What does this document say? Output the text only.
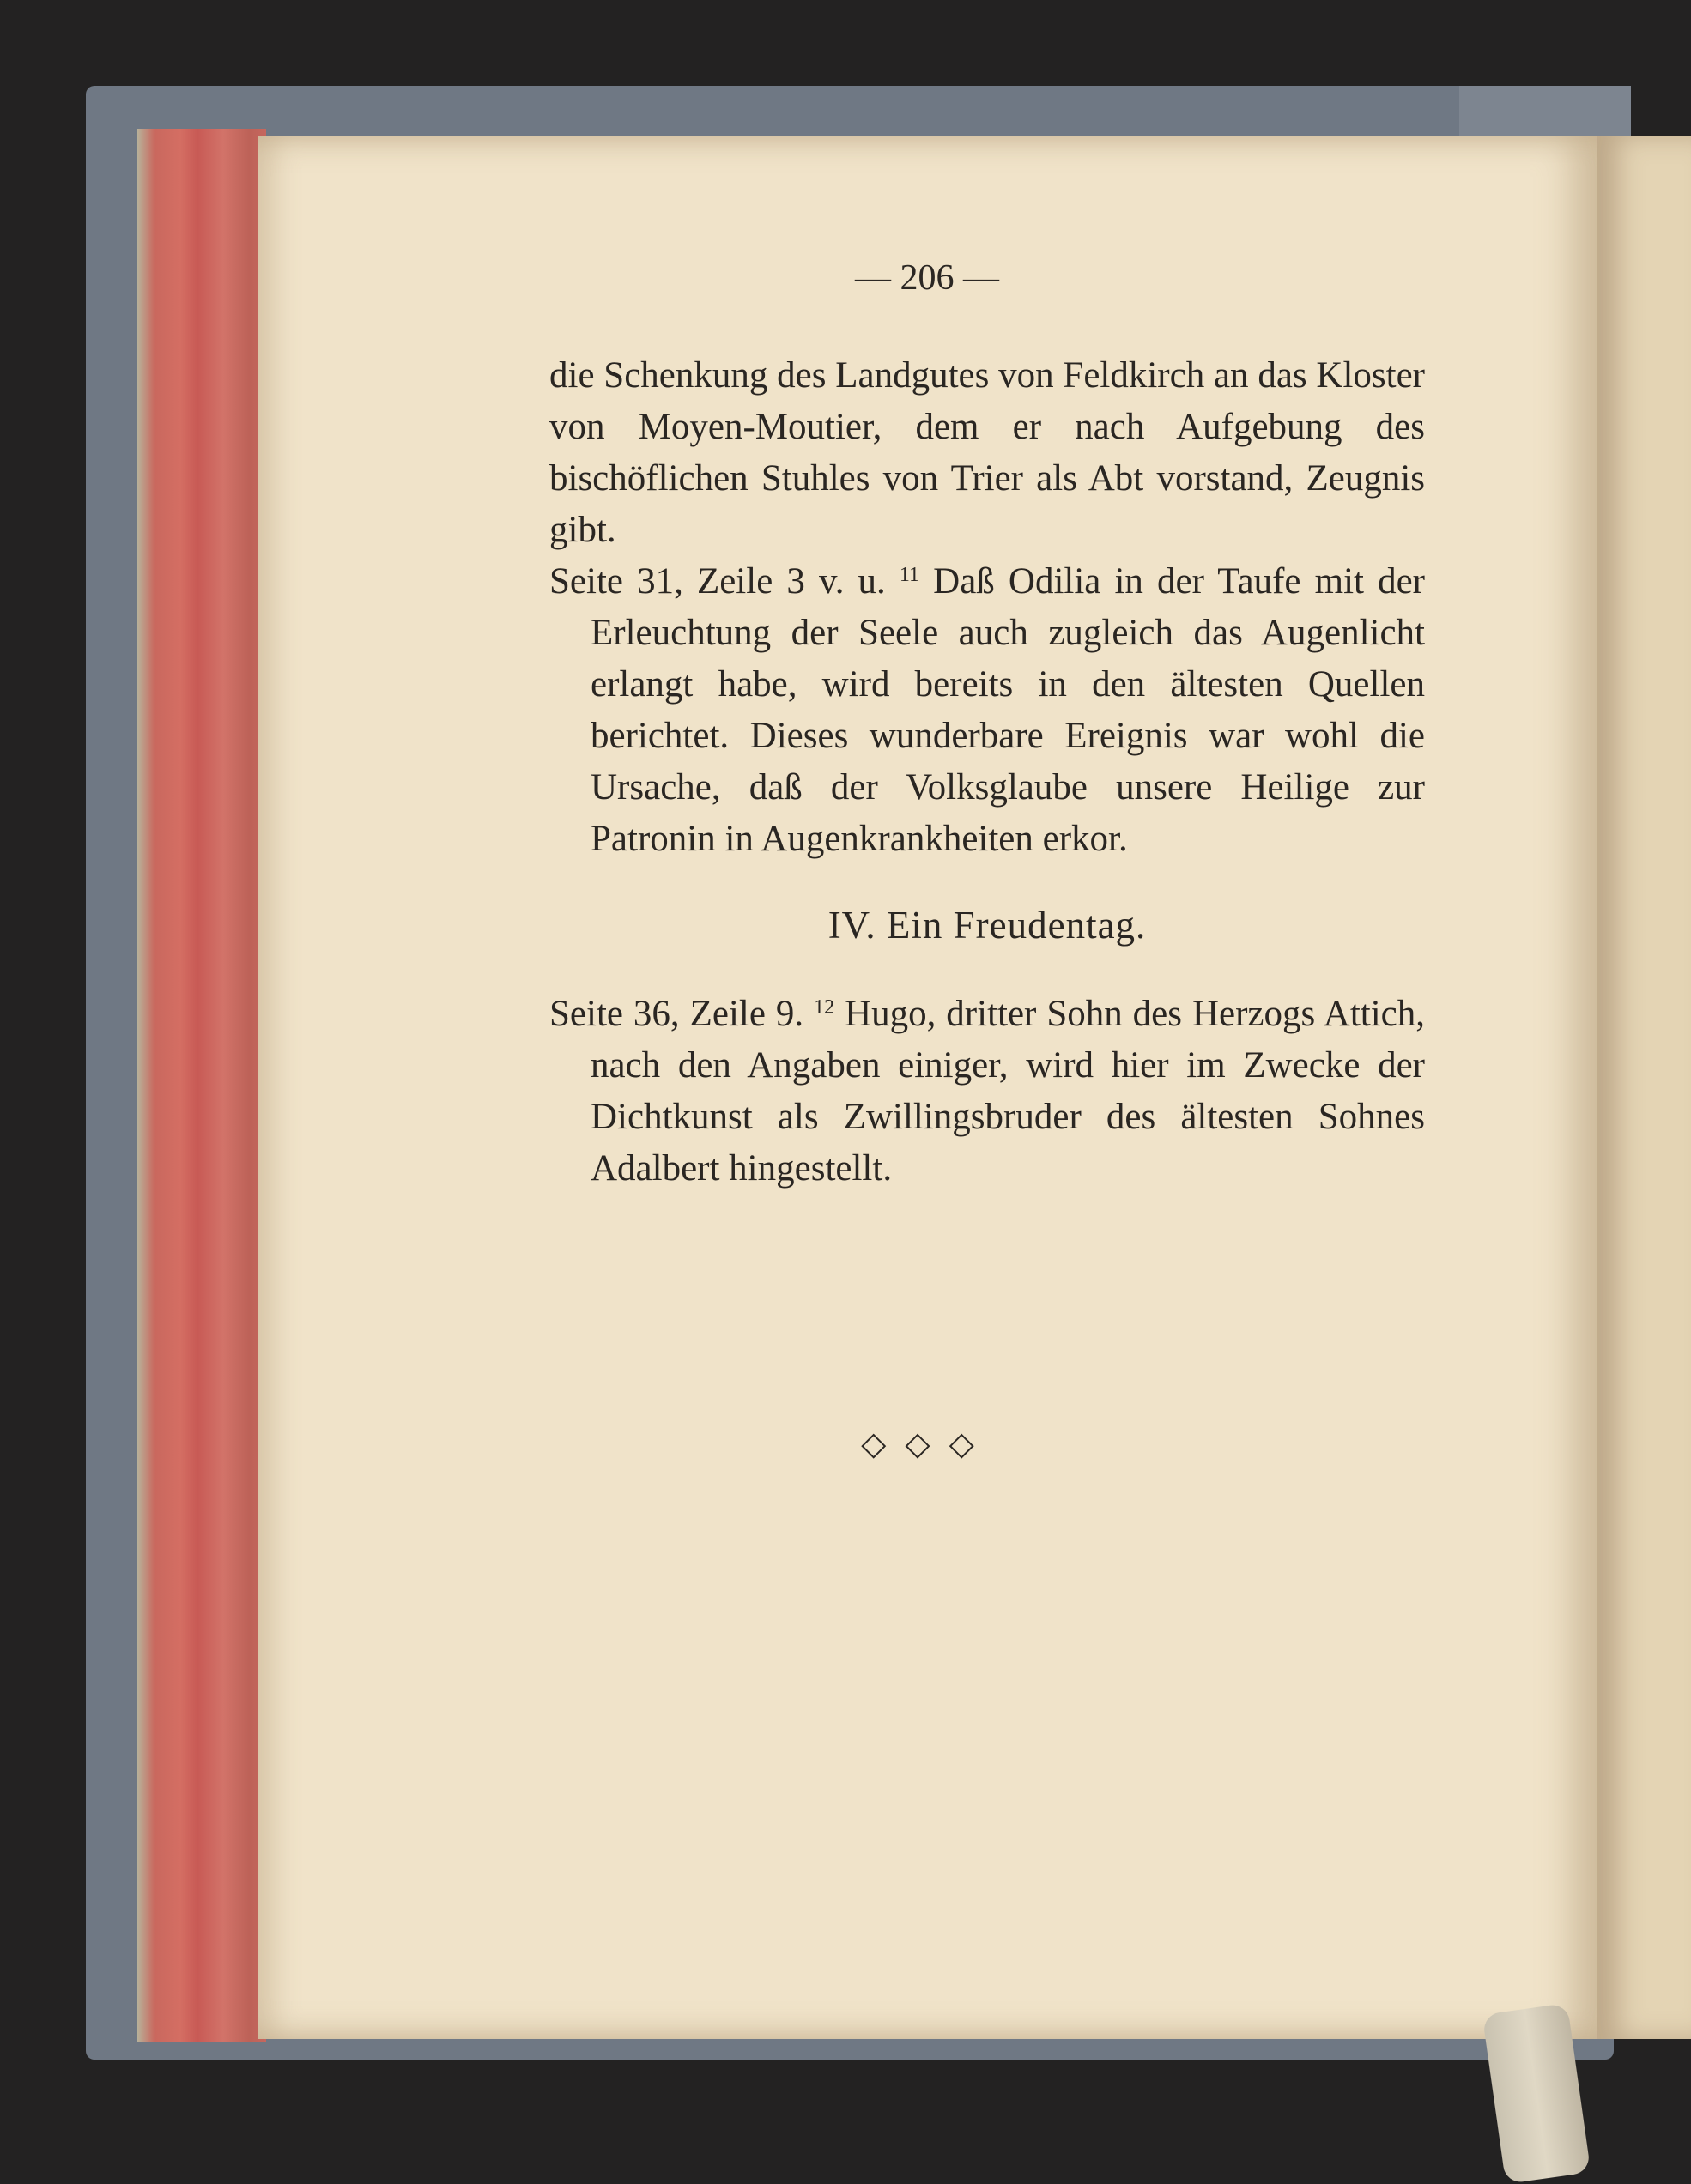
— 206 —

die Schenkung des Landgutes von Feldkirch an das Kloster von Moyen-Moutier, dem er nach Aufgebung des bischöflichen Stuhles von Trier als Abt vorstand, Zeugnis gibt.

Seite 31, Zeile 3 v. u. $^{11}$ Daß Odilia in der Taufe mit der Erleuchtung der Seele auch zugleich das Augenlicht erlangt habe, wird bereits in den ältesten Quellen berichtet. Dieses wunderbare Ereignis war wohl die Ursache, daß der Volksglaube unsere Heilige zur Patronin in Augenkrankheiten erkor.

IV. Ein Freudentag.

Seite 36, Zeile 9. $^{12}$ Hugo, dritter Sohn des Herzogs Attich, nach den Angaben einiger, wird hier im Zwecke der Dichtkunst als Zwillingsbruder des ältesten Sohnes Adalbert hingestellt.

◇◇◇
